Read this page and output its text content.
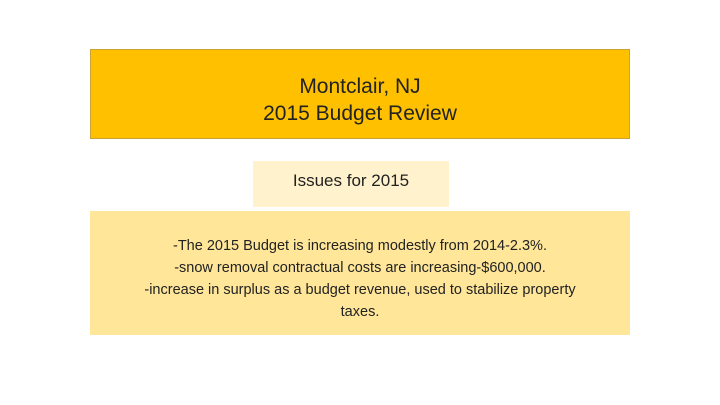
Montclair, NJ
2015 Budget Review
Issues for 2015
-The 2015 Budget is increasing modestly from 2014-2.3%.
-snow removal contractual costs are increasing-$600,000.
-increase in surplus as a budget revenue, used to stabilize property
taxes.
